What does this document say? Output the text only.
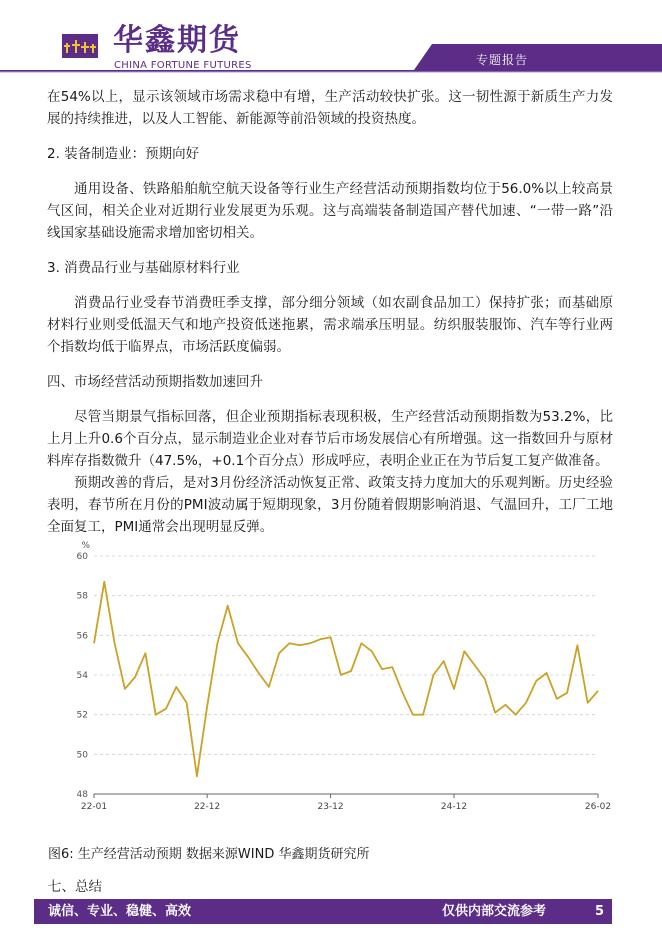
华鑫期货
CHINA FORTUNE FUTURES	专题报告

在54%以上，显示该领域市场需求稳中有增，生产活动较快扩张。这一韧性源于新质生产力发展的持续推进，以及人工智能、新能源等前沿领域的投资热度。

2. 装备制造业：预期向好

通用设备、铁路船舶航空航天设备等行业生产经营活动预期指数均位于56.0%以上较高景气区间，相关企业对近期行业发展更为乐观。这与高端装备制造国产替代加速、“一带一路”沿线国家基础设施需求增加密切相关。

3. 消费品行业与基础原材料行业

消费品行业受春节消费旺季支撑，部分细分领域（如农副食品加工）保持扩张；而基础原材料行业则受低温天气和地产投资低迷拖累，需求端承压明显。纺织服装服饰、汽车等行业两个指数均低于临界点，市场活跃度偏弱。

四、市场经营活动预期指数加速回升

尽管当期景气指标回落，但企业预期指标表现积极，生产经营活动预期指数为53.2%，比上月上升0.6个百分点，显示制造业企业对春节后市场发展信心有所增强。这一指数回升与原材料库存指数微升（47.5%，+0.1个百分点）形成呼应，表明企业正在为节后复工复产做准备。

预期改善的背后，是对3月份经济活动恢复正常、政策支持力度加大的乐观判断。历史经验表明，春节所在月份的PMI波动属于短期现象，3月份随着假期影响消退、气温回升，工厂工地全面复工，PMI通常会出现明显反弹。

%
48
50
52
54
56
58
60
22-01	22-12	23-12	24-12	26-02
图6: 生产经营活动预期 数据来源WIND 华鑫期货研究所
七、总结
诚信、专业、稳健、高效	仅供内部交流参考	5
